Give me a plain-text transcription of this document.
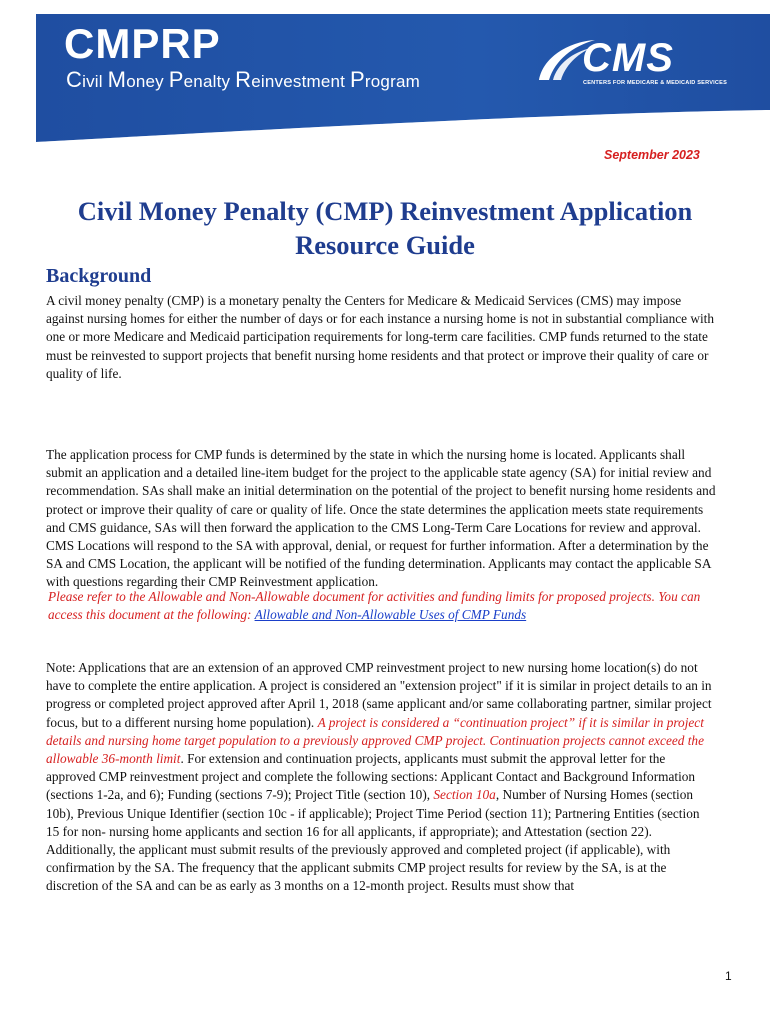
CMPRP
Civil Money Penalty Reinvestment Program
CMS
CENTERS FOR MEDICARE & MEDICAID SERVICES
September 2023
Civil Money Penalty (CMP) Reinvestment Application
Resource Guide
Background
A civil money penalty (CMP) is a monetary penalty the Centers for Medicare & Medicaid Services (CMS) may impose against nursing homes for either the number of days or for each instance a nursing home is not in substantial compliance with one or more Medicare and Medicaid participation requirements for long-term care facilities. CMP funds returned to the state must be reinvested to support projects that benefit nursing home residents and that protect or improve their quality of care or quality of life.
The application process for CMP funds is determined by the state in which the nursing home is located. Applicants shall submit an application and a detailed line-item budget for the project to the applicable state agency (SA) for initial review and recommendation. SAs shall make an initial determination on the potential of the project to benefit nursing home residents and protect or improve their quality of care or quality of life. Once the state determines the application meets state requirements and CMS guidance, SAs will then forward the application to the CMS Long-Term Care Locations for review and approval. CMS Locations will respond to the SA with approval, denial, or request for further information. After a determination by the SA and CMS Location, the applicant will be notified of the funding determination. Applicants may contact the applicable SA with questions regarding their CMP Reinvestment application.
Please refer to the Allowable and Non-Allowable document for activities and funding limits for proposed projects. You can access this document at the following: Allowable and Non-Allowable Uses of CMP Funds
Note: Applications that are an extension of an approved CMP reinvestment project to new nursing home location(s) do not have to complete the entire application. A project is considered an "extension project" if it is similar in project details to an in progress or completed project approved after April 1, 2018 (same applicant and/or same collaborating partner, similar project focus, but to a different nursing home population). A project is considered a “continuation project” if it is similar in project details and nursing home target population to a previously approved CMP project. Continuation projects cannot exceed the allowable 36-month limit. For extension and continuation projects, applicants must submit the approval letter for the approved CMP reinvestment project and complete the following sections: Applicant Contact and Background Information (sections 1-2a, and 6); Funding (sections 7-9); Project Title (section 10), Section 10a, Number of Nursing Homes (section 10b), Previous Unique Identifier (section 10c - if applicable); Project Time Period (section 11); Partnering Entities (section 15 for non- nursing home applicants and section 16 for all applicants, if appropriate); and Attestation (section 22). Additionally, the applicant must submit results of the previously approved and completed project (if applicable), with confirmation by the SA. The frequency that the applicant submits CMP project results for review by the SA, is at the discretion of the SA and can be as early as 3 months on a 12-month project. Results must show that
1
